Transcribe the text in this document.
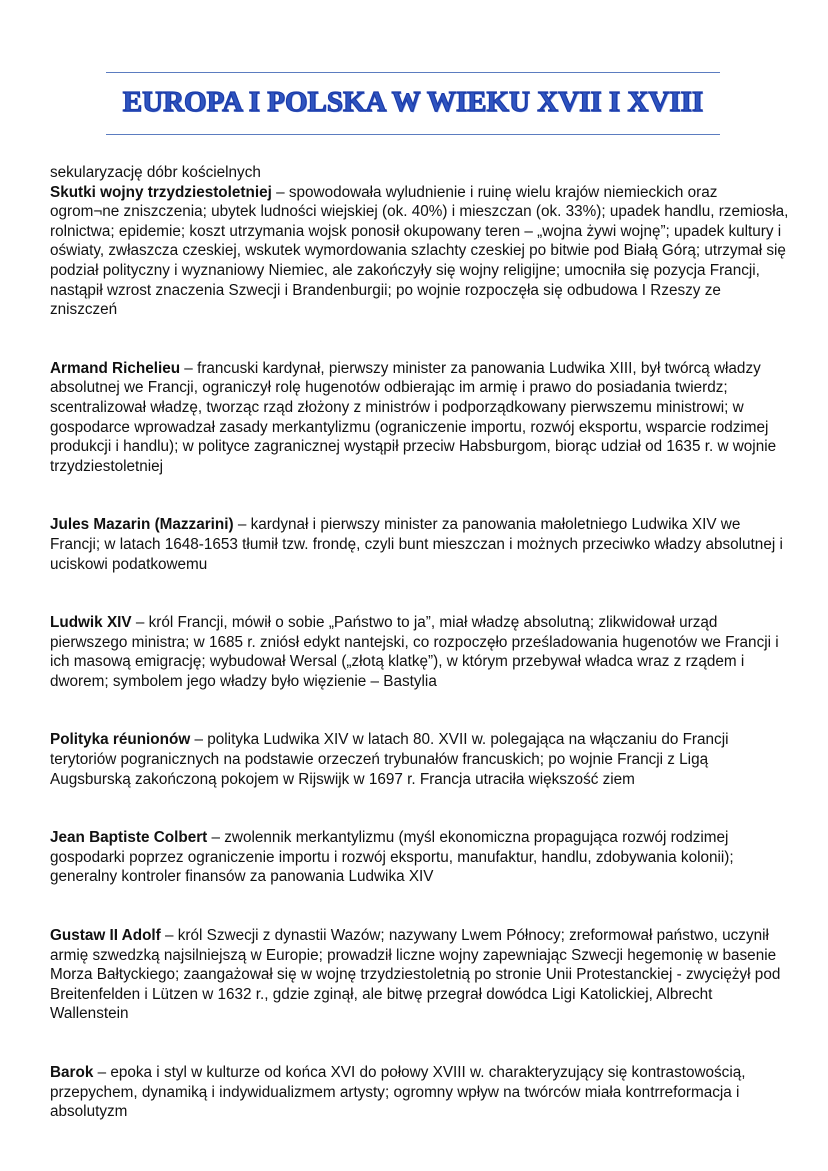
EUROPA I POLSKA W WIEKU XVII I XVIII

sekularyzację dóbr kościelnych

Skutki wojny trzydziestoletniej – spowodowała wyludnienie i ruinę wielu krajów niemieckich oraz ogrom¬ne zniszczenia; ubytek ludności wiejskiej (ok. 40%) i mieszczan (ok. 33%); upadek handlu, rzemiosła, rolnictwa; epidemie; koszt utrzymania wojsk ponosił okupowany teren – „wojna żywi wojnę”; upadek kultury i oświaty, zwłaszcza czeskiej, wskutek wymordowania szlachty czeskiej po bitwie pod Białą Górą; utrzymał się podział polityczny i wyznaniowy Niemiec, ale zakończyły się wojny religijne; umocniła się pozycja Francji, nastąpił wzrost znaczenia Szwecji i Brandenburgii; po wojnie rozpoczęła się odbudowa I Rzeszy ze zniszczeń

Armand Richelieu – francuski kardynał, pierwszy minister za panowania Ludwika XIII, był twórcą władzy absolutnej we Francji, ograniczył rolę hugenotów odbierając im armię i prawo do posiadania twierdz; scentralizował władzę, tworząc rząd złożony z ministrów i podporządkowany pierwszemu ministrowi; w gospodarce wprowadzał zasady merkantylizmu (ograniczenie importu, rozwój eksportu, wsparcie rodzimej produkcji i handlu); w polityce zagranicznej wystąpił przeciw Habsburgom, biorąc udział od 1635 r. w wojnie trzydziestoletniej

Jules Mazarin (Mazzarini) – kardynał i pierwszy minister za panowania małoletniego Ludwika XIV we Francji; w latach 1648-1653 tłumił tzw. frondę, czyli bunt mieszczan i możnych przeciwko władzy absolutnej i uciskowi podatkowemu

Ludwik XIV – król Francji, mówił o sobie „Państwo to ja”, miał władzę absolutną; zlikwidował urząd pierwszego ministra; w 1685 r. zniósł edykt nantejski, co rozpoczęło prześladowania hugenotów we Francji i ich masową emigrację; wybudował Wersal („złotą klatkę”), w którym przebywał władca wraz z rządem i dworem; symbolem jego władzy było więzienie – Bastylia

Polityka réunionów – polityka Ludwika XIV w latach 80. XVII w. polegająca na włączaniu do Francji terytoriów pogranicznych na podstawie orzeczeń trybunałów francuskich; po wojnie Francji z Ligą Augsburską zakończoną pokojem w Rijswijk w 1697 r. Francja utraciła większość ziem

Jean Baptiste Colbert – zwolennik merkantylizmu (myśl ekonomiczna propagująca rozwój rodzimej gospodarki poprzez ograniczenie importu i rozwój eksportu, manufaktur, handlu, zdobywania kolonii); generalny kontroler finansów za panowania Ludwika XIV

Gustaw II Adolf – król Szwecji z dynastii Wazów; nazywany Lwem Północy; zreformował państwo, uczynił armię szwedzką najsilniejszą w Europie; prowadził liczne wojny zapewniając Szwecji hegemonię w basenie Morza Bałtyckiego; zaangażował się w wojnę trzydziestoletnią po stronie Unii Protestanckiej - zwyciężył pod Breitenfelden i Lützen w 1632 r., gdzie zginął, ale bitwę przegrał dowódca Ligi Katolickiej, Albrecht Wallenstein

Barok – epoka i styl w kulturze od końca XVI do połowy XVIII w. charakteryzujący się kontrastowością, przepychem, dynamiką i indywidualizmem artysty; ogromny wpływ na twórców miała kontrreformacja i absolutyzm
